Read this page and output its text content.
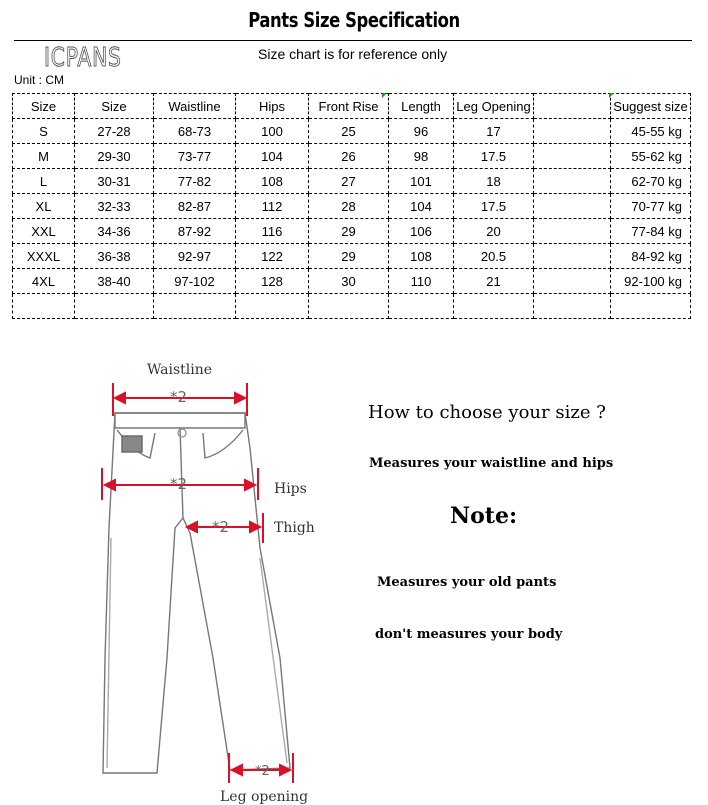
Pants Size Specification
ICPANS	Size chart is for reference only
Unit : CM
Size	Size	Waistline	Hips	Front Rise	Length	Leg Opening		Suggest size
S	27-28	68-73	100	25	96	17		45-55 kg
M	29-30	73-77	104	26	98	17.5		55-62 kg
L	30-31	77-82	108	27	101	18		62-70 kg
XL	32-33	82-87	112	28	104	17.5		70-77 kg
XXL	34-36	87-92	116	29	106	20		77-84 kg
XXXL	36-38	92-97	122	29	108	20.5		84-92 kg
4XL	38-40	97-102	128	30	110	21		92-100 kg

*2
*2
*2
*2
Waistline
Hips
Thigh
Leg opening
How to choose your size ?
Measures your waistline and hips
Note:
Measures your old pants
don't measures your body
